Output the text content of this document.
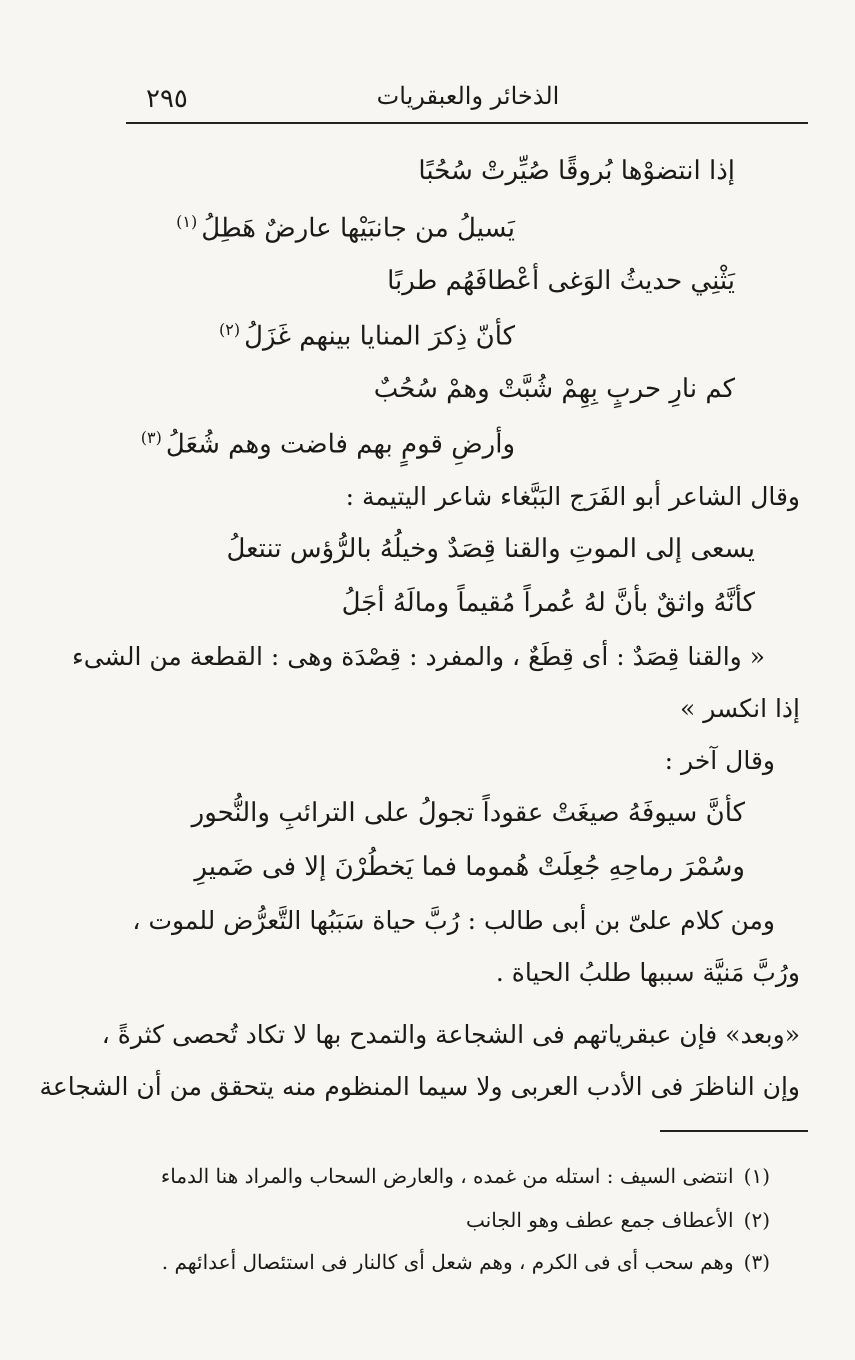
٢٩٥	الذخائر والعبقريات
إذا انتضوْها بُروقًا صُيِّرتْ سُحُبًا
يَسيلُ من جانبَيْها عارضٌ هَطِلُ$^{(١)}$
يَثْنِي حديثُ الوَغى أعْطافَهُم طربًا
كأنّ ذِكرَ المنايا بينهم غَزَلُ$^{(٢)}$
كم نارِ حربٍ بِهِمْ شُبَّتْ وهمْ سُحُبٌ
وأرضِ قومٍ بهم فاضت وهم شُعَلُ$^{(٣)}$
وقال الشاعر أبو الفَرَج البَبَّغاء شاعر اليتيمة :
يسعى إلى الموتِ والقنا قِصَدٌ وخيلُهُ بالرُّؤس تنتعلُ
كأنَّهُ واثقٌ بأنَّ لهُ عُمراً مُقيماً ومالَهُ أجَلُ
« والقنا قِصَدٌ : أى قِطَعٌ ، والمفرد : قِصْدَة وهى : القطعة من الشىء
إذا انكسر »
وقال آخر :
كأنَّ سيوفَهُ صيغَتْ عقوداً تجولُ على الترائبِ والنُّحور
وسُمْرَ رماحِهِ جُعِلَتْ هُموما فما يَخطُرْنَ إلا فى ضَميرِ
ومن كلام علىّ بن أبى طالب : رُبَّ حياة سَبَبُها التَّعرُّض للموت ،
ورُبَّ مَنيَّة سببها طلبُ الحياة .
«وبعد» فإن عبقرياتهم فى الشجاعة والتمدح بها لا تكاد تُحصى كثرةً ،
وإن الناظرَ فى الأدب العربى ولا سيما المنظوم منه يتحقق من أن الشجاعة
(١)انتضى السيف : استله من غمده ، والعارض السحاب والمراد هنا الدماء
(٢)الأعطاف جمع عطف وهو الجانب
(٣)وهم سحب أى فى الكرم ، وهم شعل أى كالنار فى استئصال أعدائهم .
